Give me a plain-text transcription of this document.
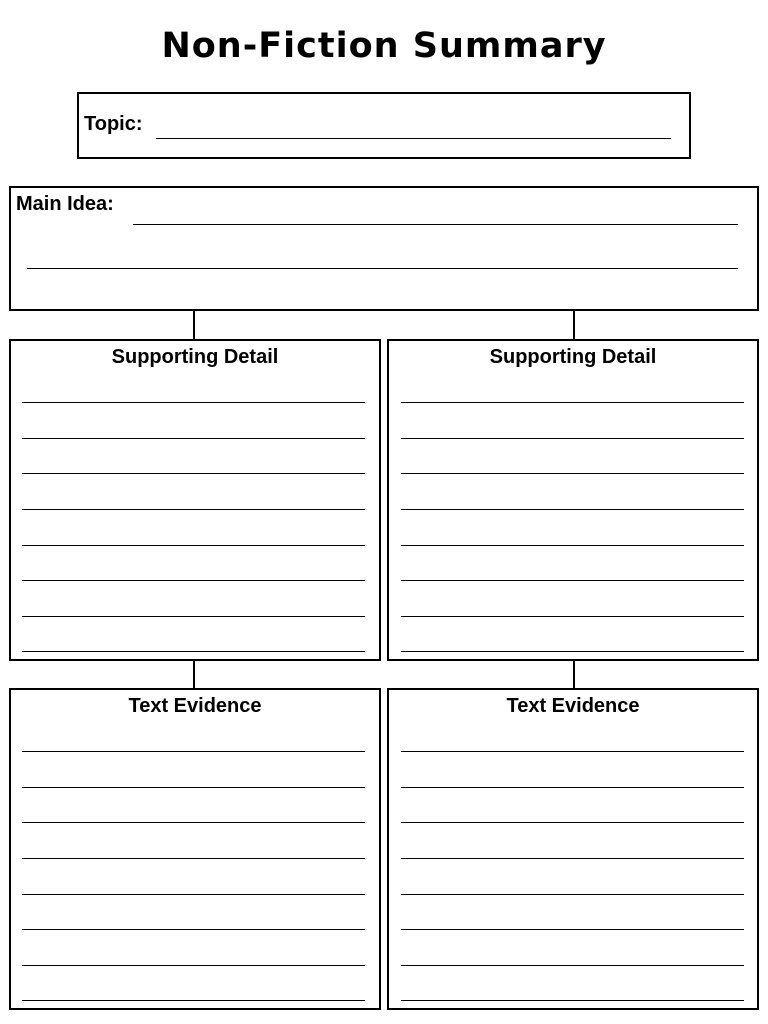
Non-Fiction Summary
Topic:
Main Idea:
Supporting Detail	Supporting Detail
Text Evidence	Text Evidence
